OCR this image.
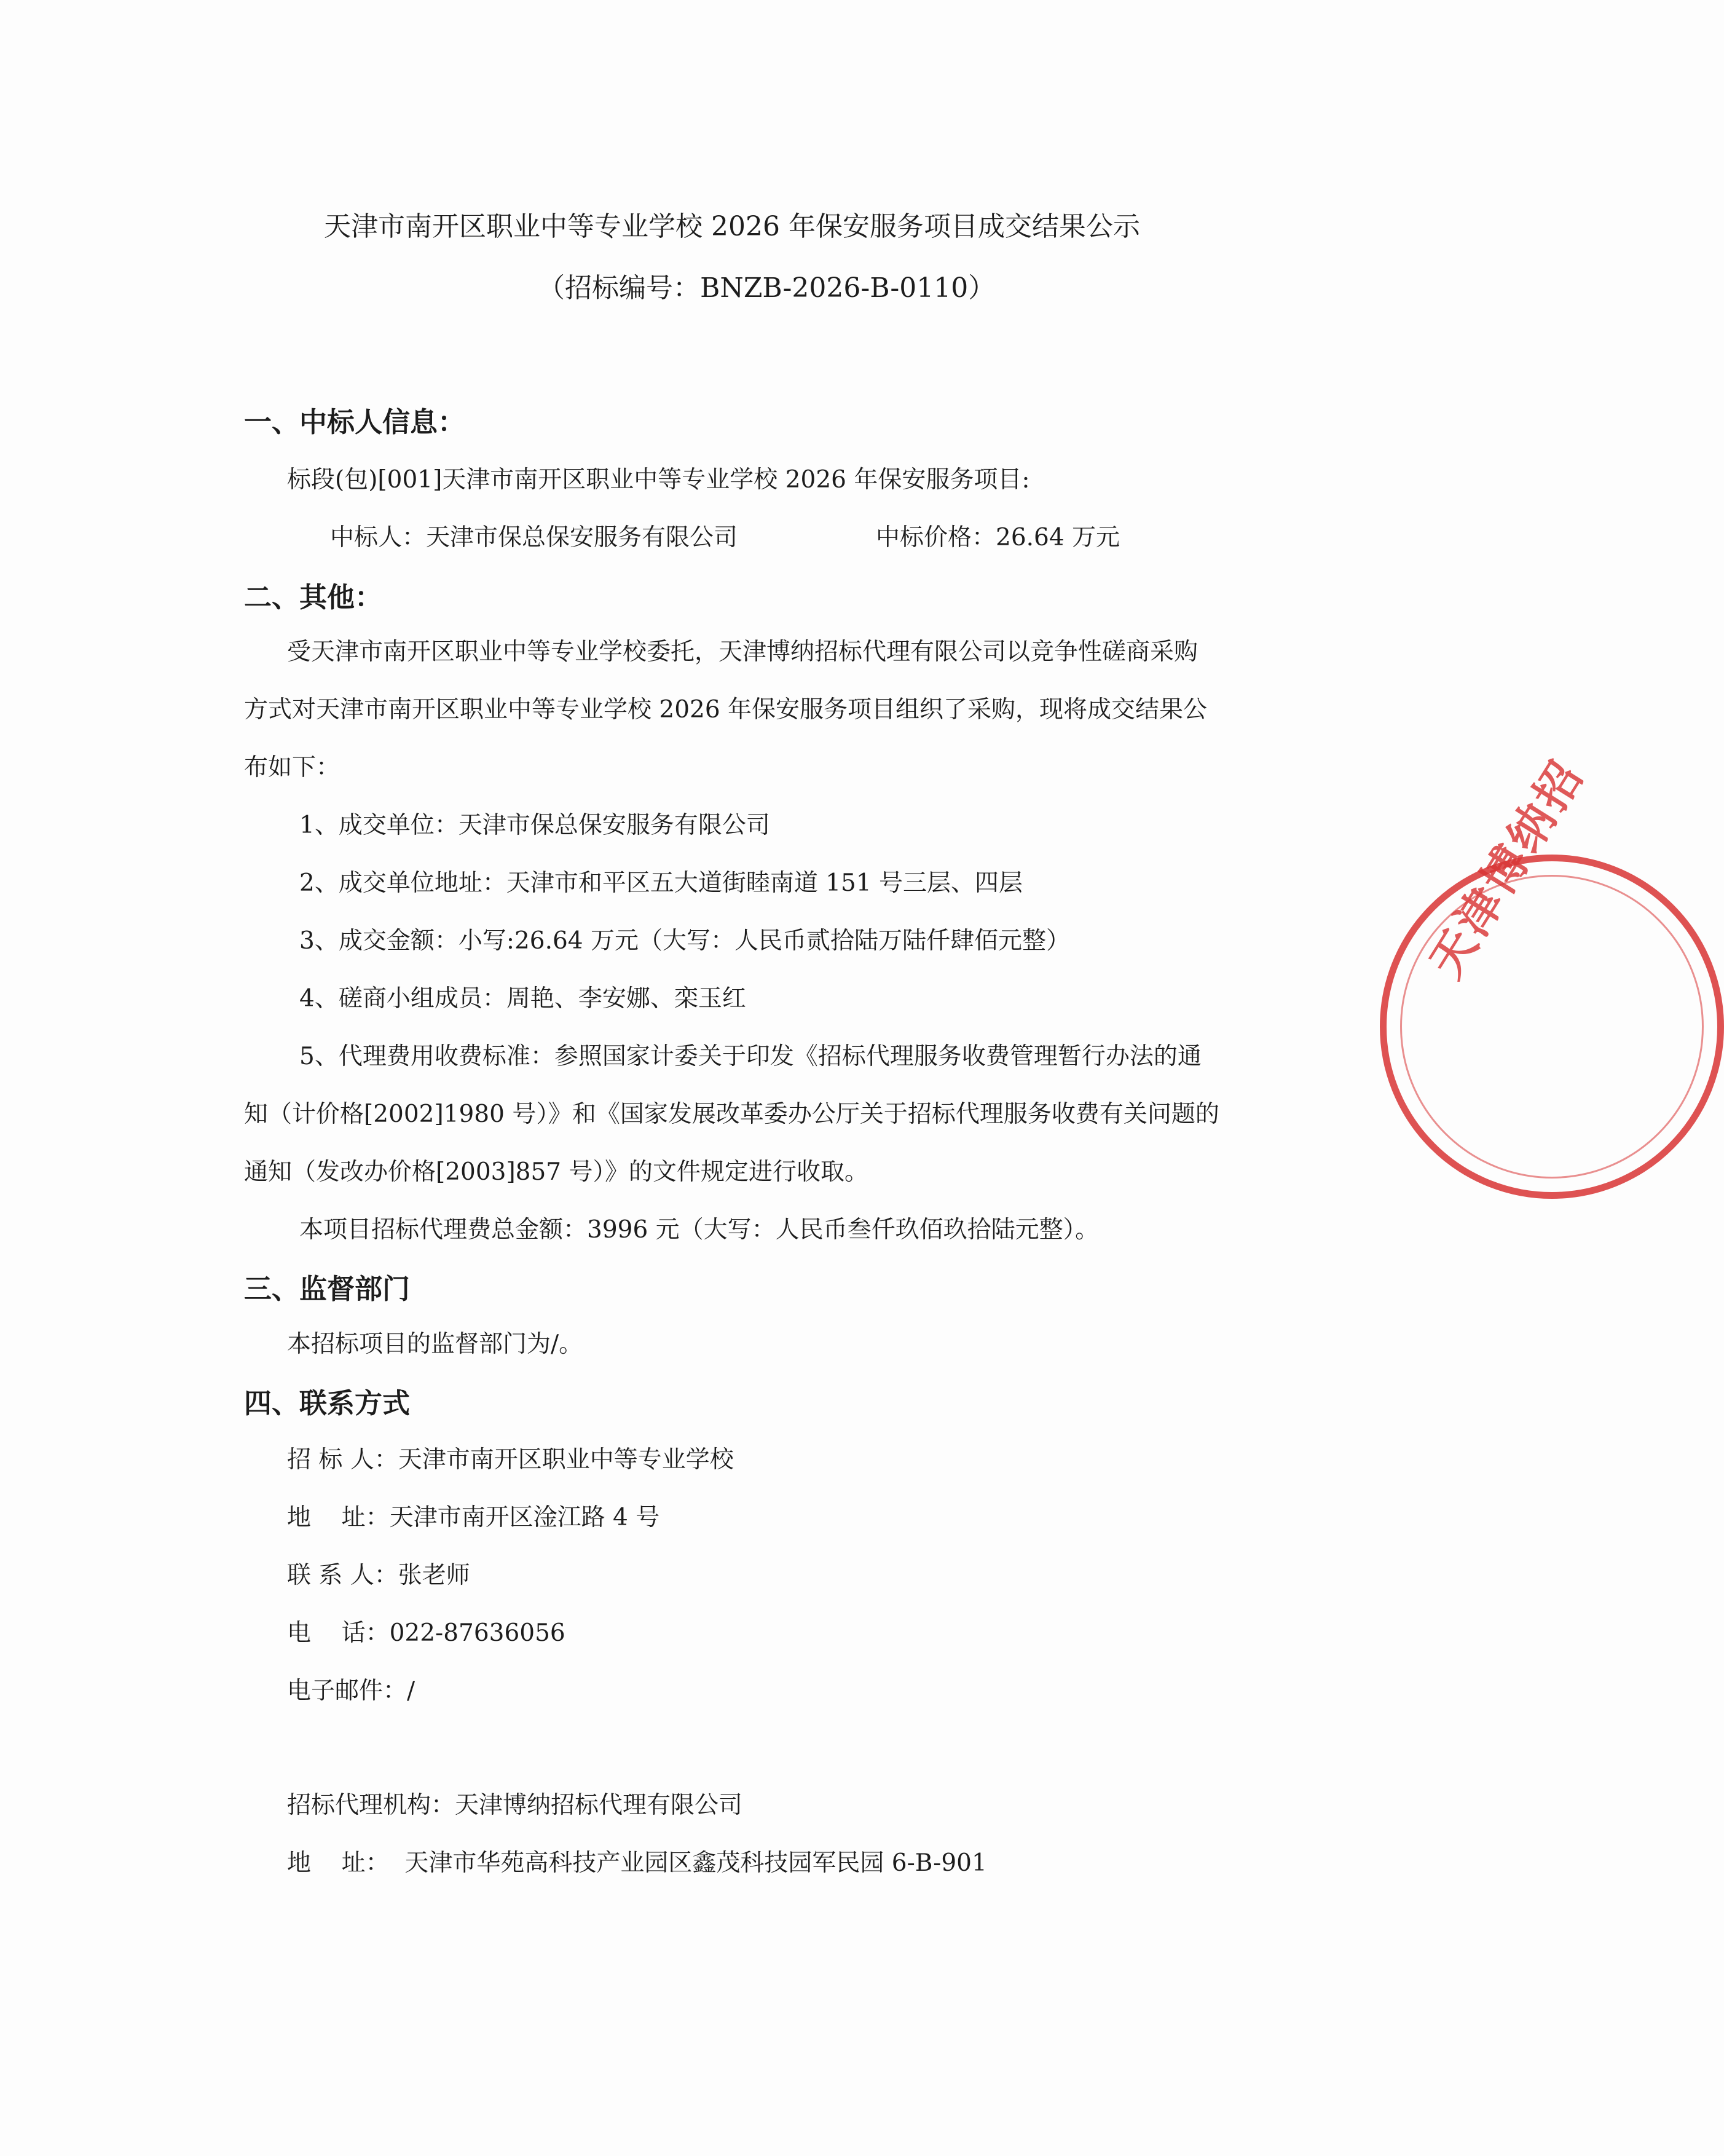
天津市南开区职业中等专业学校 2026 年保安服务项目成交结果公示
（招标编号：BNZB-2026-B-0110）
一、中标人信息：
标段(包)[001]天津市南开区职业中等专业学校 2026 年保安服务项目:
中标人：天津市保总保安服务有限公司	中标价格：26.64 万元
二、其他：
受天津市南开区职业中等专业学校委托，天津博纳招标代理有限公司以竞争性磋商采购
方式对天津市南开区职业中等专业学校 2026 年保安服务项目组织了采购，现将成交结果公
布如下：
1、成交单位：天津市保总保安服务有限公司
2、成交单位地址：天津市和平区五大道街睦南道 151 号三层、四层
3、成交金额：小写:26.64 万元（大写：人民币贰拾陆万陆仟肆佰元整）
4、磋商小组成员：周艳、李安娜、栾玉红
5、代理费用收费标准：参照国家计委关于印发《招标代理服务收费管理暂行办法的通
知（计价格[2002]1980 号）》和《国家发展改革委办公厅关于招标代理服务收费有关问题的
通知（发改办价格[2003]857 号）》的文件规定进行收取。
本项目招标代理费总金额：3996 元（大写：人民币叁仟玖佰玖拾陆元整）。
三、监督部门
本招标项目的监督部门为/。
四、联系方式
招 标 人：天津市南开区职业中等专业学校
地    址：天津市南开区淦江路 4 号
联 系 人：张老师
电    话：022-87636056
电子邮件：/
招标代理机构：天津博纳招标代理有限公司
地    址：  天津市华苑高科技产业园区鑫茂科技园军民园 6-B-901
天津博纳招
